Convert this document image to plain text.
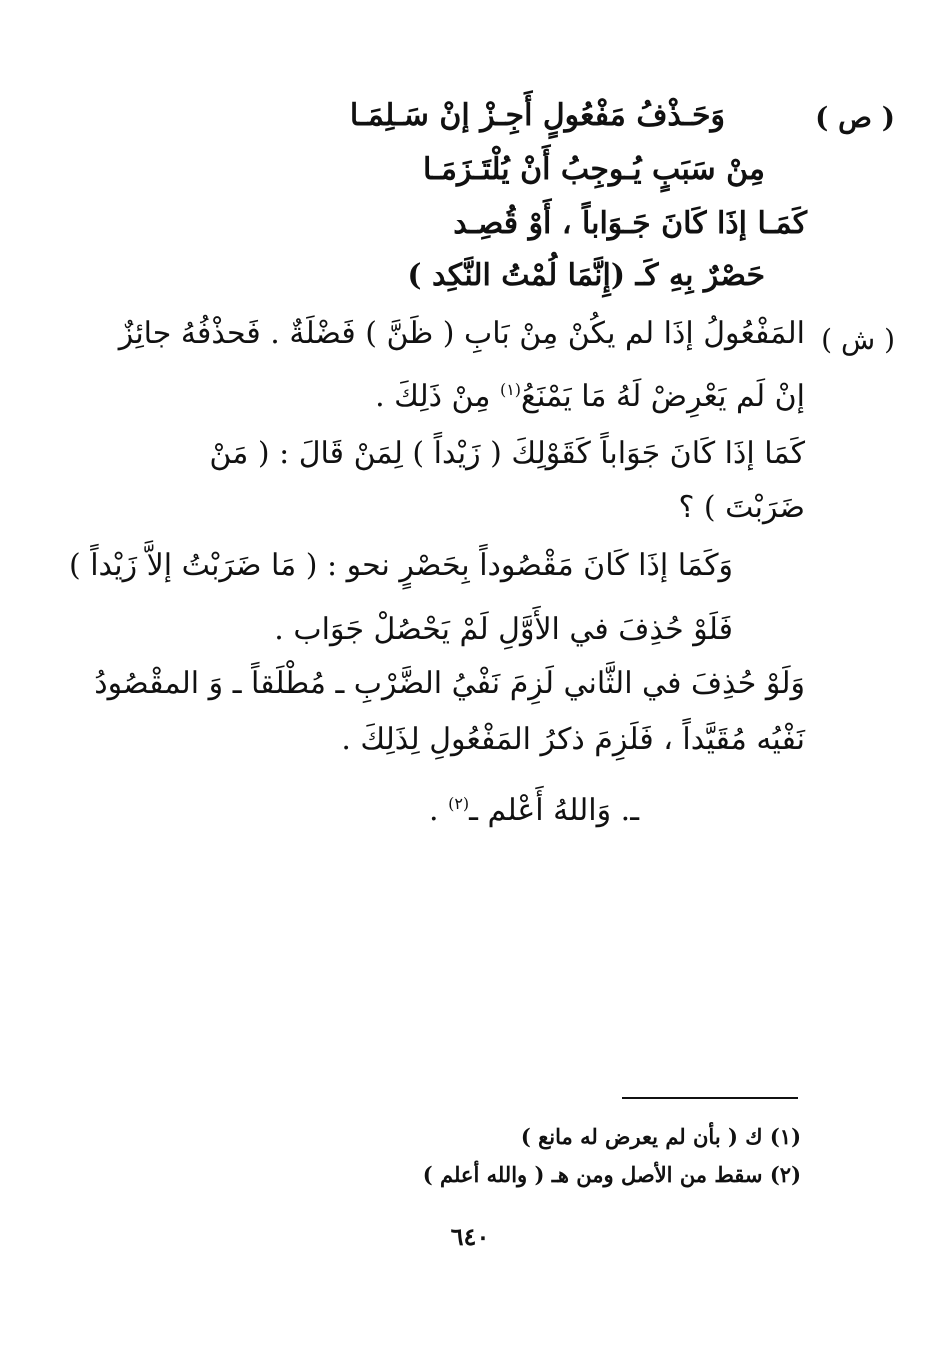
( ص )
وَحَـذْفُ مَفْعُولٍ أَجِـزْ إنْ سَـلِمَـا
مِنْ سَبَبٍ يُـوجِبُ أَنْ يُلْتَـزَمَـا
كَمَـا إذَا كَانَ جَـوَاباً ، أَوْ قُصِـد
حَصْرٌ بِهِ كَـ (إِنَّمَا لُمْتُ النَّكِد )
( ش )
المَفْعُولُ إذَا لم يكُنْ مِنْ بَابِ ( ظَنَّ ) فَضْلَةٌ . فَحذْفُهُ جائِزٌ
إنْ لَم يَعْرِضْ لَهُ مَا يَمْنَعُ$^{(١)}$ مِنْ ذَلِكَ .
كَمَا إذَا كَانَ جَوَاباً كَقَوْلِكَ ( زَيْداً ) لِمَنْ قَالَ : ( مَنْ
ضَرَبْتَ ) ؟
وَكَمَا إذَا كَانَ مَقْصُوداً بِحَصْرٍ نحو : ( مَا ضَرَبْتُ إلاَّ زَيْداً )
فَلَوْ حُذِفَ في الأَوَّلِ لَمْ يَحْصُلْ جَوَاب .
وَلَوْ حُذِفَ في الثَّاني لَزِمَ نَفْيُ الضَّرْبِ ـ مُطْلَقاً ـ وَ المقْصُودُ
نَفْيُه مُقَيَّداً ، فَلَزِمَ ذكرُ المَفْعُولِ لِذَلِكَ .
ـ. وَاللهُ أَعْلم ـ$^{(٢)}$ .
(١) ك ( بأن لم يعرض له مانع )
(٢) سقط من الأصل ومن هـ ( والله أعلم )
٦٤٠
